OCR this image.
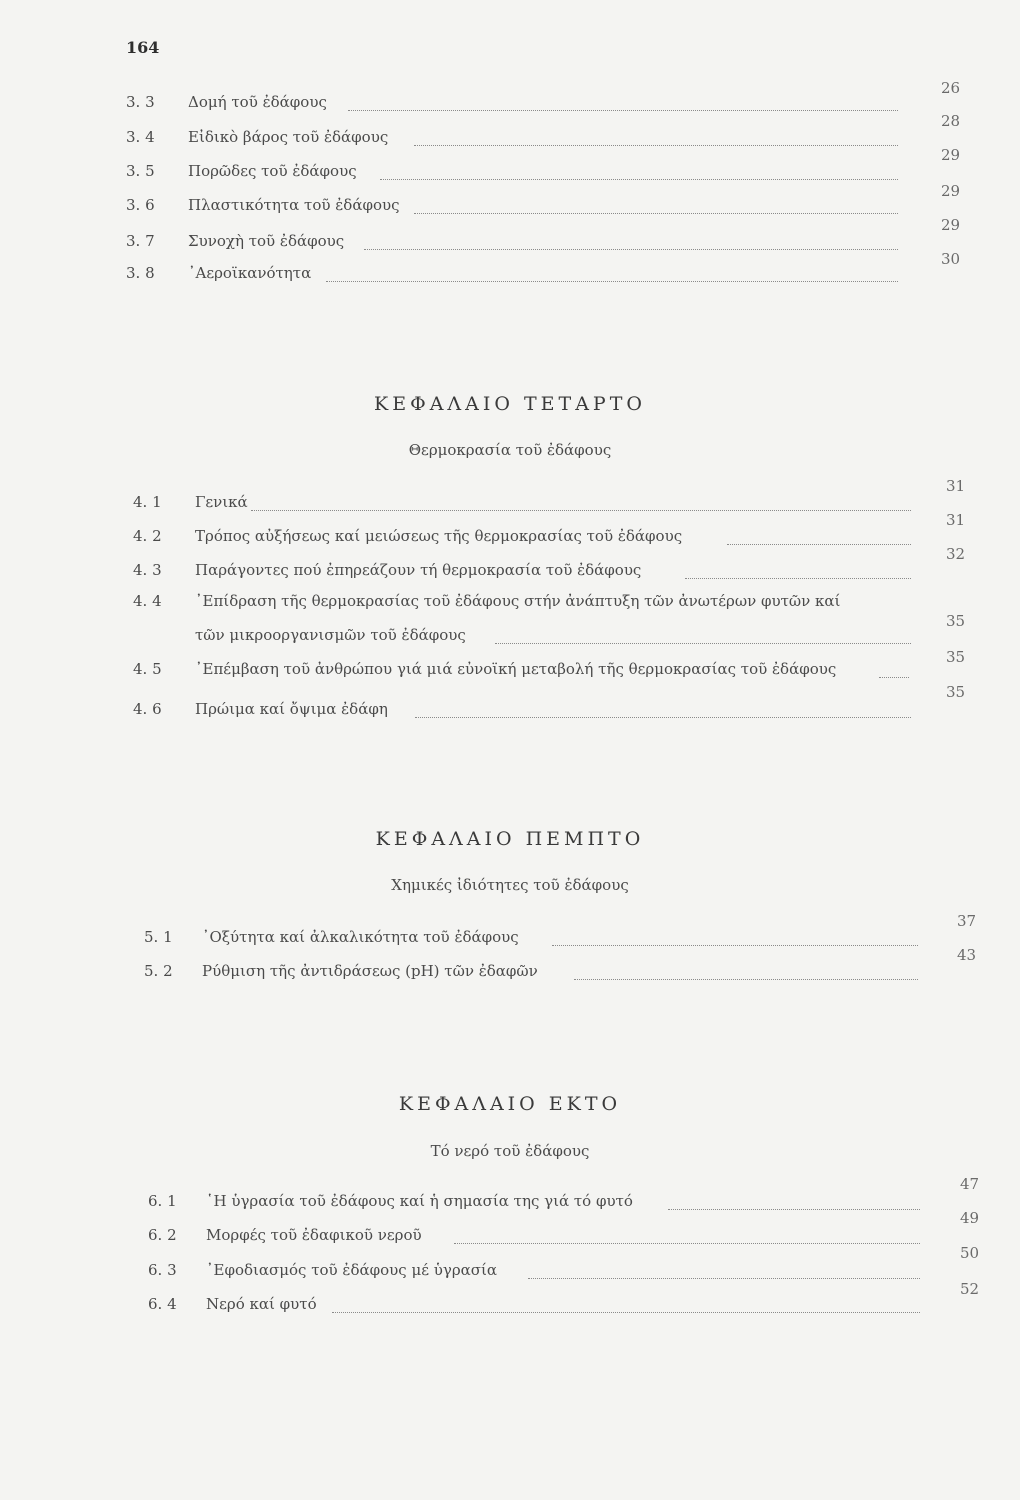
164
3. 3 Δομή τοῦ ἐδάφους
26
3. 4 Εἰδικὸ βάρος τοῦ ἐδάφους
28
3. 5 Πορῶδες τοῦ ἐδάφους
29
3. 6 Πλαστικότητα τοῦ ἐδάφους
29
3. 7 Συνοχὴ τοῦ ἐδάφους
29
3. 8 ᾿Αεροϊκανότητα
30
ΚΕΦΑΛΑΙΟ ΤΕΤΑΡΤΟ
Θερμοκρασία τοῦ ἐδάφους
4. 1 Γενικά
31
4. 2 Τρόπος αὐξήσεως καί μειώσεως τῆς θερμοκρασίας τοῦ ἐδάφους
31
4. 3 Παράγοντες πού ἐπηρεάζουν τή θερμοκρασία τοῦ ἐδάφους
32
4. 4 ᾿Επίδραση τῆς θερμοκρασίας τοῦ ἐδάφους στήν ἀνάπτυξη τῶν ἀνωτέρων φυτῶν καί
τῶν μικροοργανισμῶν τοῦ ἐδάφους
35
4. 5 ᾿Επέμβαση τοῦ ἀνθρώπου γιά μιά εὐνοϊκή μεταβολή τῆς θερμοκρασίας τοῦ ἐδάφους
35
4. 6 Πρώιμα καί ὄψιμα ἐδάφη
35
ΚΕΦΑΛΑΙΟ ΠΕΜΠΤΟ
Χημικές ἰδιότητες τοῦ ἐδάφους
5. 1 ᾿Οξύτητα καί ἀλκαλικότητα τοῦ ἐδάφους
37
5. 2 Ρύθμιση τῆς ἀντιδράσεως (pH) τῶν ἐδαφῶν
43
ΚΕΦΑΛΑΙΟ ΕΚΤΟ
Τό νερό τοῦ ἐδάφους
6. 1 ῾Η ὑγρασία τοῦ ἐδάφους καί ἡ σημασία της γιά τό φυτό
47
6. 2 Μορφές τοῦ ἐδαφικοῦ νεροῦ
49
6. 3 ᾿Εφοδιασμός τοῦ ἐδάφους μέ ὑγρασία
50
6. 4 Νερό καί φυτό
52
